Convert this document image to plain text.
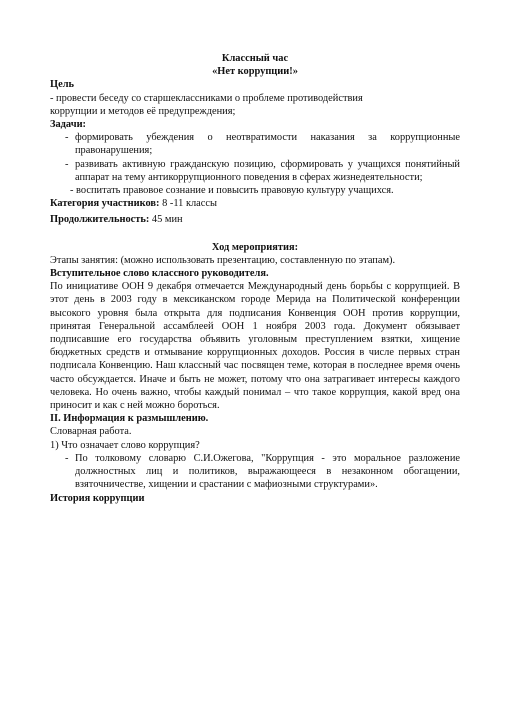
Классный час

«Нет коррупции!»

Цель

- провести беседу со старшеклассниками о проблеме противодействия

коррупции и методов её предупреждения;

Задачи:

- формировать убеждения о неотвратимости наказания за коррупционные правонарушения;
- развивать активную гражданскую позицию, сформировать у учащихся понятийный аппарат на тему антикоррупционного поведения в сферах жизнедеятельности;

- воспитать правовое сознание и повысить правовую культуру учащихся.

Категория участников: 8 -11 классы

Продолжительность: 45 мин

Ход мероприятия:

Этапы занятия: (можно использовать презентацию, составленную по этапам).

Вступительное слово классного руководителя.

По инициативе ООН 9 декабря отмечается Международный день борьбы с коррупцией. В этот день в 2003 году в мексиканском городе Мерида на Политической конференции высокого уровня была открыта для подписания Конвенция ООН против коррупции, принятая Генеральной ассамблеей ООН 1 ноября 2003 года. Документ обязывает подписавшие его государства объявить уголовным преступлением взятки, хищение бюджетных средств и отмывание коррупционных доходов. Россия в числе первых стран подписала Конвенцию. Наш классный час посвящен теме, которая в последнее время очень часто обсуждается. Иначе и быть не может, потому что она затрагивает интересы каждого человека. Но очень важно, чтобы каждый понимал – что такое коррупция, какой вред она приносит и как с ней можно бороться.

II. Информация к размышлению.

Словарная работа.

1) Что означает слово коррупция?

- По толковому словарю С.И.Ожегова, "Коррупция - это моральное разложение должностных лиц и политиков, выражающееся в незаконном обогащении, взяточничестве, хищении и срастании с мафиозными структурами».

История коррупции
